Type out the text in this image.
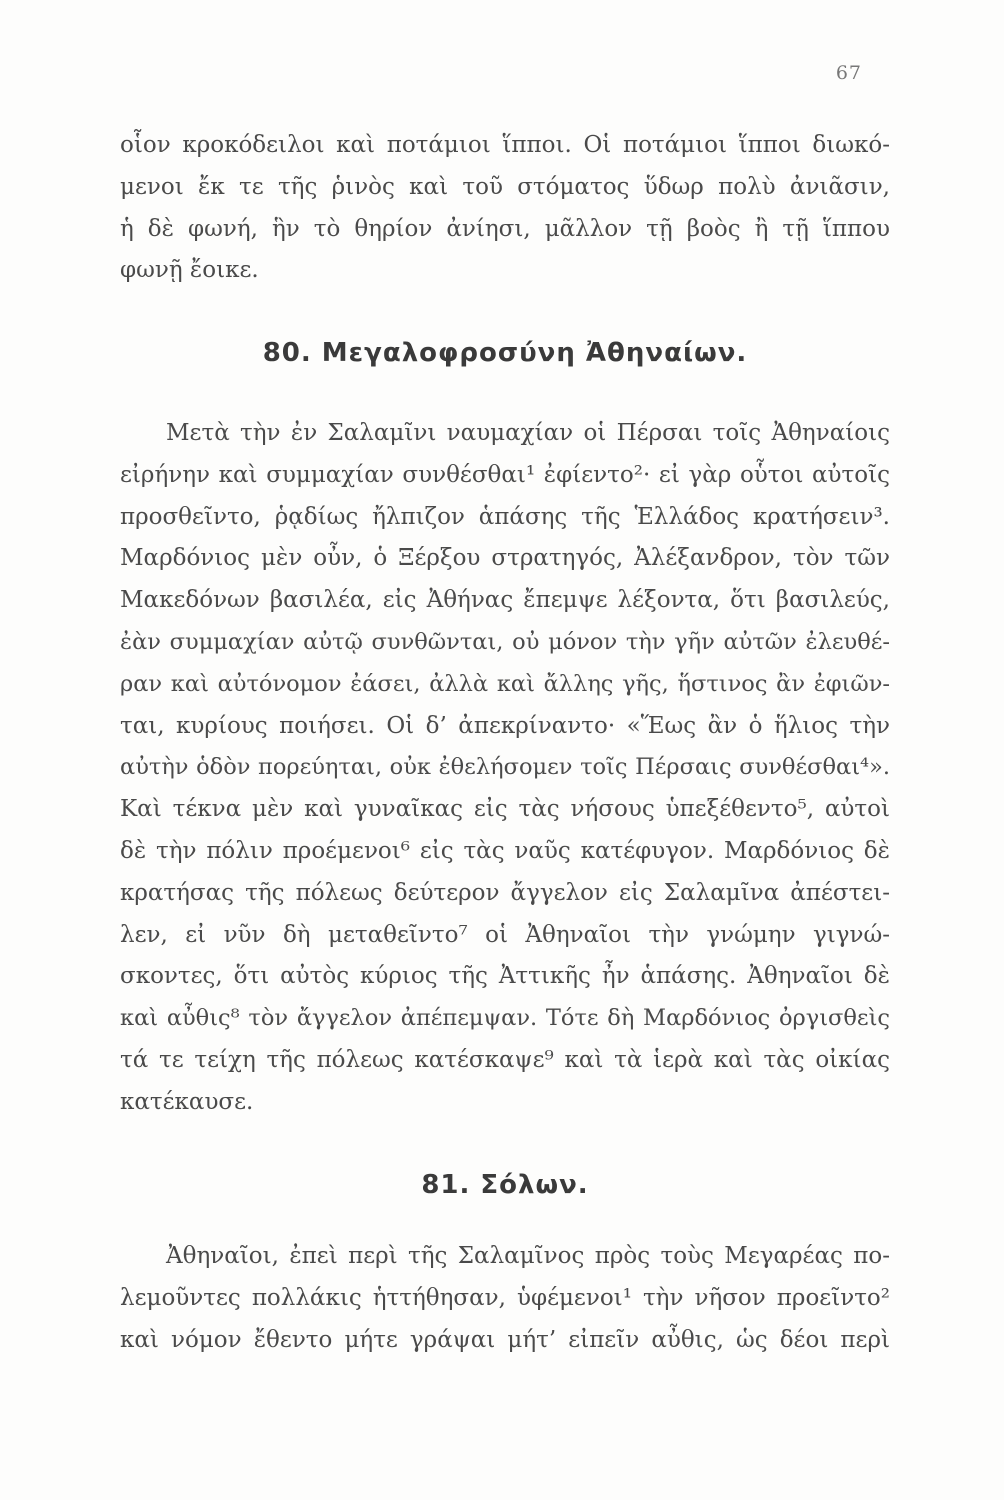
67
οἷον κροκόδειλοι καὶ ποτάμιοι ἵπποι. Οἱ ποτάμιοι ἵπποι διωκό-
μενοι ἔκ τε τῆς ῥινὸς καὶ τοῦ στόματος ὕδωρ πολὺ ἀνιᾶσιν,
ἡ δὲ φωνή, ἣν τὸ θηρίον ἀνίησι, μᾶλλον τῇ βοὸς ἢ τῇ ἵππου
φωνῇ ἔοικε.
80. Μεγαλοφροσύνη Ἀθηναίων.
Μετὰ τὴν ἐν Σαλαμῖνι ναυμαχίαν οἱ Πέρσαι τοῖς Ἀθηναίοις
εἰρήνην καὶ συμμαχίαν συνθέσθαι¹ ἐφίεντο²· εἰ γὰρ οὗτοι αὐτοῖς
προσθεῖντο, ῥᾳδίως ἤλπιζον ἁπάσης τῆς Ἑλλάδος κρατήσειν³.
Μαρδόνιος μὲν οὖν, ὁ Ξέρξου στρατηγός, Ἀλέξανδρον, τὸν τῶν
Μακεδόνων βασιλέα, εἰς Ἀθήνας ἔπεμψε λέξοντα, ὅτι βασιλεύς,
ἐὰν συμμαχίαν αὐτῷ συνθῶνται, οὐ μόνον τὴν γῆν αὐτῶν ἐλευθέ-
ραν καὶ αὐτόνομον ἐάσει, ἀλλὰ καὶ ἄλλης γῆς, ἥστινος ἂν ἐφιῶν-
ται, κυρίους ποιήσει. Οἱ δ’ ἀπεκρίναντο· «Ἕως ἂν ὁ ἥλιος τὴν
αὐτὴν ὁδὸν πορεύηται, οὐκ ἐθελήσομεν τοῖς Πέρσαις συνθέσθαι⁴».
Καὶ τέκνα μὲν καὶ γυναῖκας εἰς τὰς νήσους ὑπεξέθεντο⁵, αὐτοὶ
δὲ τὴν πόλιν προέμενοι⁶ εἰς τὰς ναῦς κατέφυγον. Μαρδόνιος δὲ
κρατήσας τῆς πόλεως δεύτερον ἄγγελον εἰς Σαλαμῖνα ἀπέστει-
λεν, εἰ νῦν δὴ μεταθεῖντο⁷ οἱ Ἀθηναῖοι τὴν γνώμην γιγνώ-
σκοντες, ὅτι αὐτὸς κύριος τῆς Ἀττικῆς ἦν ἁπάσης. Ἀθηναῖοι δὲ
καὶ αὖθις⁸ τὸν ἄγγελον ἀπέπεμψαν. Τότε δὴ Μαρδόνιος ὀργισθεὶς
τά τε τείχη τῆς πόλεως κατέσκαψε⁹ καὶ τὰ ἱερὰ καὶ τὰς οἰκίας
κατέκαυσε.
81. Σόλων.
Ἀθηναῖοι, ἐπεὶ περὶ τῆς Σαλαμῖνος πρὸς τοὺς Μεγαρέας πο-
λεμοῦντες πολλάκις ἡττήθησαν, ὑφέμενοι¹ τὴν νῆσον προεῖντο²
καὶ νόμον ἔθεντο μήτε γράψαι μήτ’ εἰπεῖν αὖθις, ὡς δέοι περὶ
